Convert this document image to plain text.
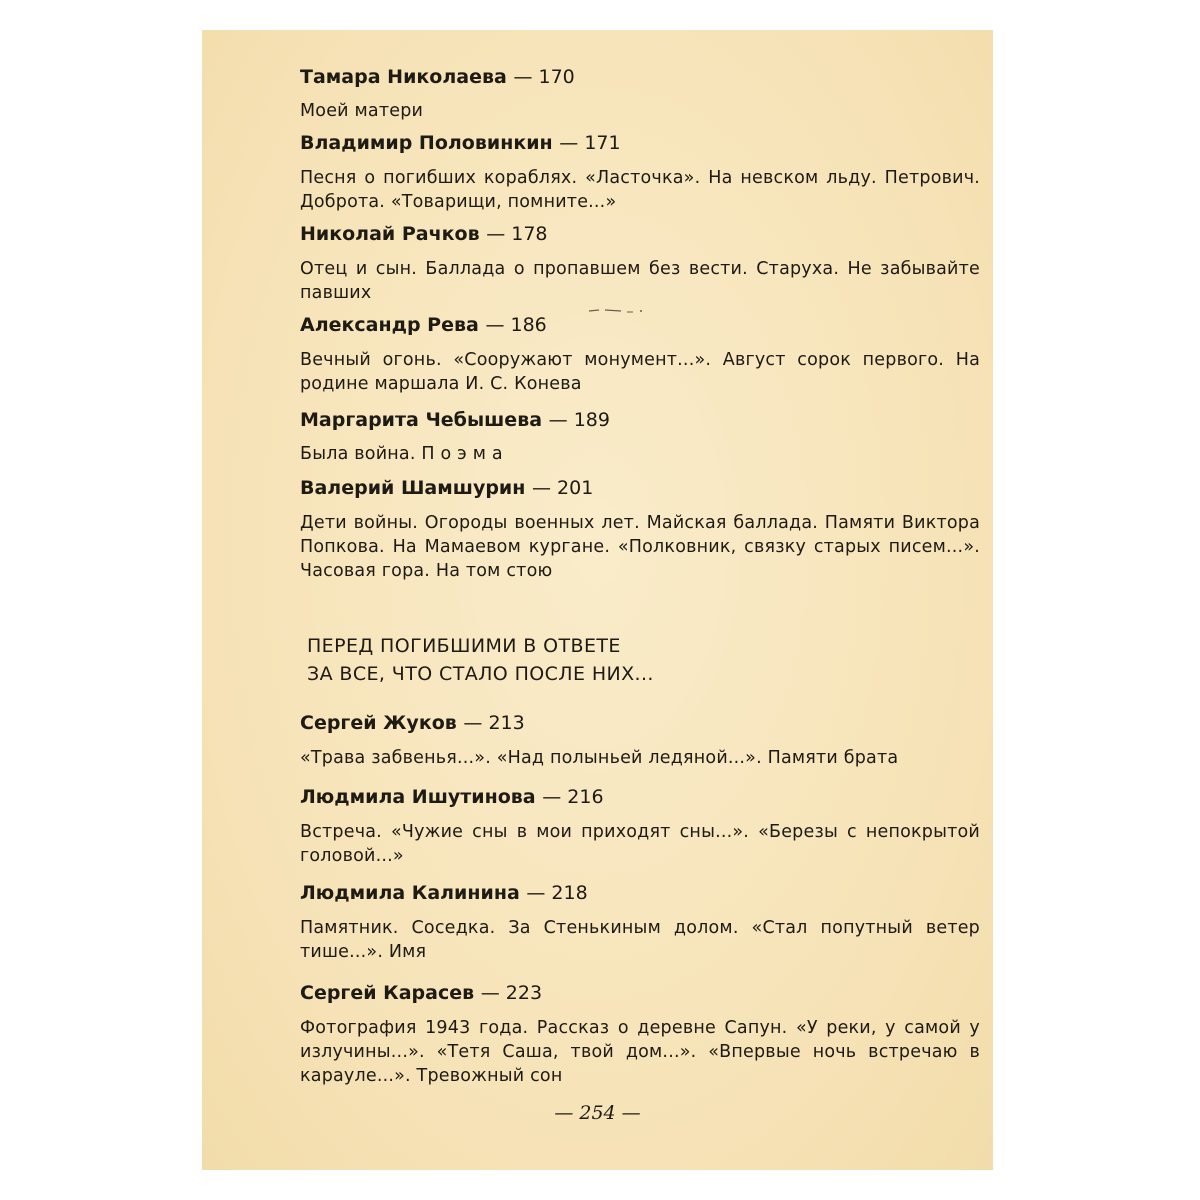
Тамара Николаева — 170
Моей матери
Владимир Половинкин — 171
Песня о погибших кораблях. «Ласточка». На невском льду. Петрович. Доброта. «Товарищи, помните...»
Николай Рачков — 178
Отец и сын. Баллада о пропавшем без вести. Старуха. Не забывайте павших
Александр Рева — 186
Вечный огонь. «Сооружают монумент...». Август сорок первого. На родине маршала И. С. Конева
Маргарита Чебышева — 189
Была война. П о э м а
Валерий Шамшурин — 201
Дети войны. Огороды военных лет. Майская баллада. Памяти Виктора Попкова. На Мамаевом кургане. «Полковник, связку старых писем...». Часовая гора. На том стою
ПЕРЕД ПОГИБШИМИ В ОТВЕТЕ
ЗА ВСЕ, ЧТО СТАЛО ПОСЛЕ НИХ...
Сергей Жуков — 213
«Трава забвенья...». «Над полыньей ледяной...». Памяти брата
Людмила Ишутинова — 216
Встреча. «Чужие сны в мои приходят сны...». «Березы с непокрытой головой...»
Людмила Калинина — 218
Памятник. Соседка. За Стенькиным долом. «Стал попутный ветер тише...». Имя
Сергей Карасев — 223
Фотография 1943 года. Рассказ о деревне Сапун. «У реки, у самой у излучины...». «Тетя Саша, твой дом...». «Впервые ночь встречаю в карауле...». Тревожный сон
— 254 —
